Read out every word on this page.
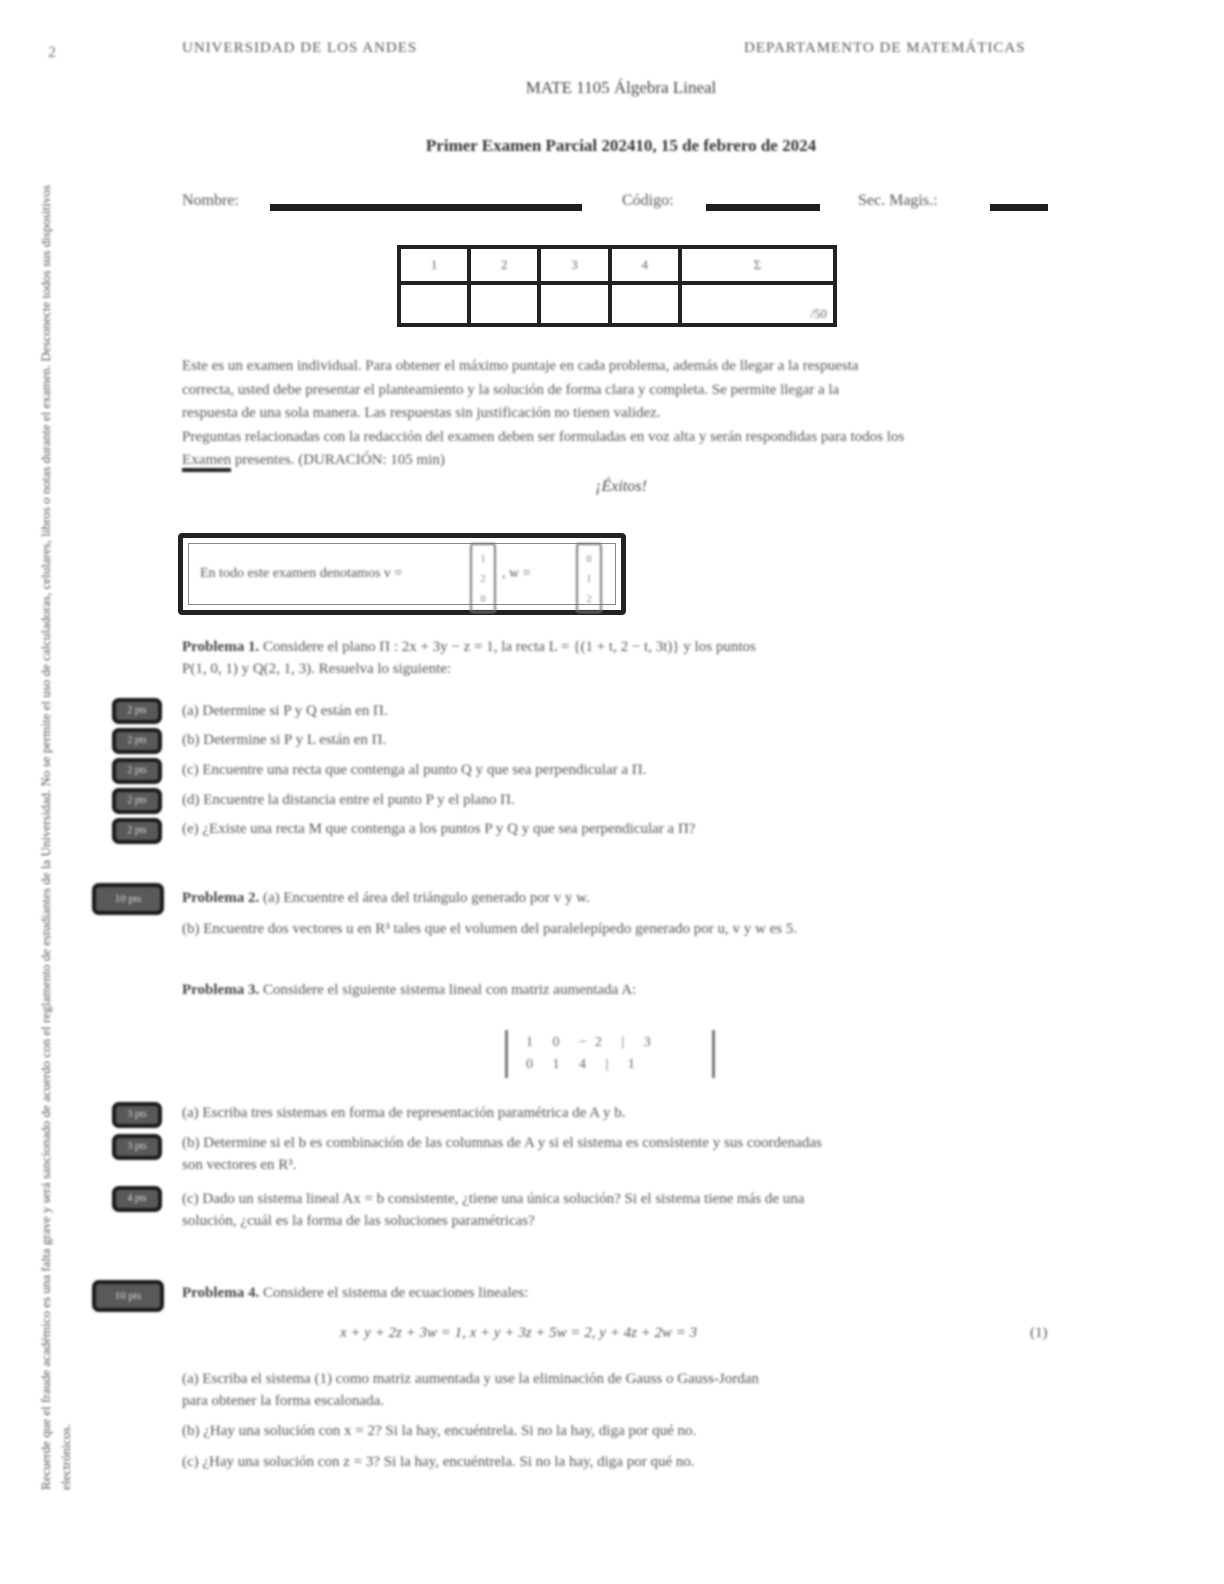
2
Recuerde que el fraude académico es una falta grave y será sancionado de acuerdo con el reglamento de estudiantes de la Universidad. No se permite el uso de calculadoras, celulares, libros o notas durante el examen. Desconecte todos sus dispositivos electrónicos.
UNIVERSIDAD DE LOS ANDES	DEPARTAMENTO DE MATEMÁTICAS
MATE 1105 Álgebra Lineal
Primer Examen Parcial 202410, 15 de febrero de 2024
Nombre:	Código:	Sec. Magis.:
1	2	3	4	Σ
				/50
Este es un examen individual. Para obtener el máximo puntaje en cada problema, además de llegar a la respuesta
correcta, usted debe presentar el planteamiento y la solución de forma clara y completa. Se permite llegar a la
respuesta de una sola manera. Las respuestas sin justificación no tienen validez.
Preguntas relacionadas con la redacción del examen deben ser formuladas en voz alta y serán respondidas para todos los
Examen presentes. (DURACIÓN: 105 min)
¡Éxitos!
En todo este examen denotamos v =
1
2
0
, w =
0
1
2
Problema 1. Considere el plano Π : 2x + 3y − z = 1, la recta L = {(1 + t, 2 − t, 3t)} y los puntos
P(1, 0, 1) y Q(2, 1, 3). Resuelva lo siguiente:
2 pts
2 pts
2 pts
2 pts
2 pts
(a) Determine si P y Q están en Π.
(b) Determine si P y L están en Π.
(c) Encuentre una recta que contenga al punto Q y que sea perpendicular a Π.
(d) Encuentre la distancia entre el punto P y el plano Π.
(e) ¿Existe una recta M que contenga a los puntos P y Q y que sea perpendicular a Π?
10 pts	Problema 2. (a) Encuentre el área del triángulo generado por v y w.
(b) Encuentre dos vectores u en R³ tales que el volumen del paralelepípedo generado por u, v y w es 5.
Problema 3. Considere el siguiente sistema lineal con matriz aumentada A:
1 0 −2 | 3
0 1 4 | 1
3 pts
3 pts
4 pts
(a) Escriba tres sistemas en forma de representación paramétrica de A y b.
(b) Determine si el b es combinación de las columnas de A y si el sistema es consistente y sus coordenadas
son vectores en R³.
(c) Dado un sistema lineal Ax = b consistente, ¿tiene una única solución? Si el sistema tiene más de una
solución, ¿cuál es la forma de las soluciones paramétricas?
10 pts	Problema 4. Considere el sistema de ecuaciones lineales:
x + y + 2z + 3w = 1, x + y + 3z + 5w = 2, y + 4z + 2w = 3	(1)
(a) Escriba el sistema (1) como matriz aumentada y use la eliminación de Gauss o Gauss-Jordan
para obtener la forma escalonada.
(b) ¿Hay una solución con x = 2? Si la hay, encuéntrela. Si no la hay, diga por qué no.
(c) ¿Hay una solución con z = 3? Si la hay, encuéntrela. Si no la hay, diga por qué no.
